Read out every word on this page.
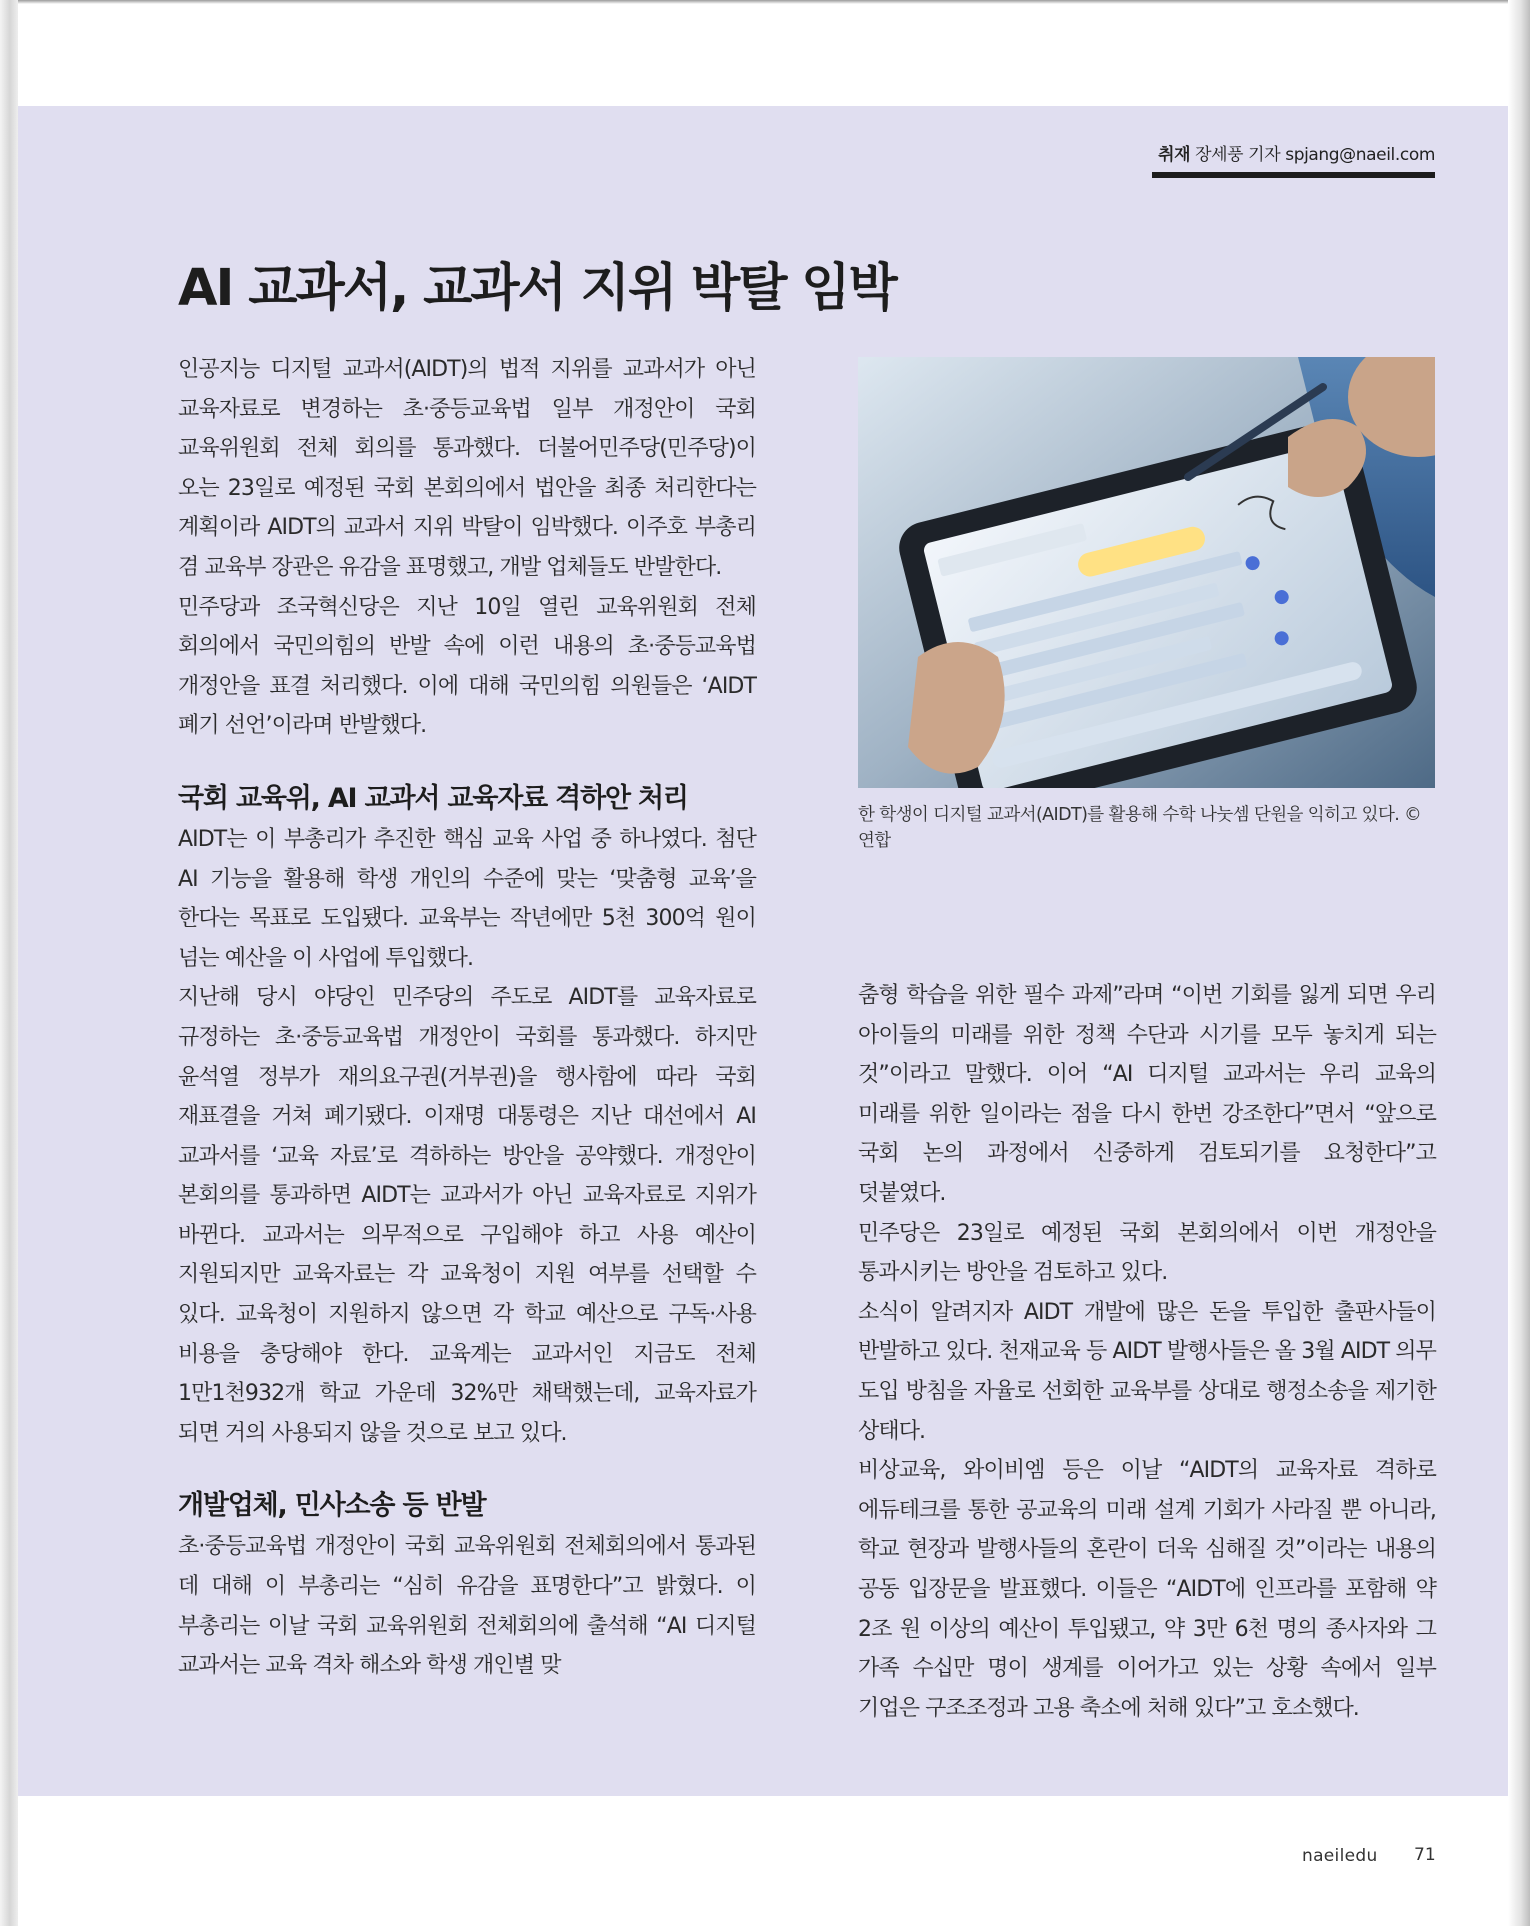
취재 장세풍 기자 spjang@naeil.com
AI 교과서, 교과서 지위 박탈 임박

인공지능 디지털 교과서(AIDT)의 법적 지위를 교과서가 아닌 교육자료로 변경하는 초·중등교육법 일부 개정안이 국회 교육위원회 전체 회의를 통과했다. 더불어민주당(민주당)이 오는 23일로 예정된 국회 본회의에서 법안을 최종 처리한다는 계획이라 AIDT의 교과서 지위 박탈이 임박했다. 이주호 부총리 겸 교육부 장관은 유감을 표명했고, 개발 업체들도 반발한다.

민주당과 조국혁신당은 지난 10일 열린 교육위원회 전체 회의에서 국민의힘의 반발 속에 이런 내용의 초·중등교육법 개정안을 표결 처리했다. 이에 대해 국민의힘 의원들은 ‘AIDT 폐기 선언’이라며 반발했다.

국회 교육위, AI 교과서 교육자료 격하안 처리

AIDT는 이 부총리가 추진한 핵심 교육 사업 중 하나였다. 첨단 AI 기능을 활용해 학생 개인의 수준에 맞는 ‘맞춤형 교육’을 한다는 목표로 도입됐다. 교육부는 작년에만 5천 300억 원이 넘는 예산을 이 사업에 투입했다.

지난해 당시 야당인 민주당의 주도로 AIDT를 교육자료로 규정하는 초·중등교육법 개정안이 국회를 통과했다. 하지만 윤석열 정부가 재의요구권(거부권)을 행사함에 따라 국회 재표결을 거쳐 폐기됐다. 이재명 대통령은 지난 대선에서 AI 교과서를 ‘교육 자료’로 격하하는 방안을 공약했다. 개정안이 본회의를 통과하면 AIDT는 교과서가 아닌 교육자료로 지위가 바뀐다. 교과서는 의무적으로 구입해야 하고 사용 예산이 지원되지만 교육자료는 각 교육청이 지원 여부를 선택할 수 있다. 교육청이 지원하지 않으면 각 학교 예산으로 구독·사용 비용을 충당해야 한다. 교육계는 교과서인 지금도 전체 1만1천932개 학교 가운데 32%만 채택했는데, 교육자료가 되면 거의 사용되지 않을 것으로 보고 있다.

개발업체, 민사소송 등 반발

초·중등교육법 개정안이 국회 교육위원회 전체회의에서 통과된 데 대해 이 부총리는 “심히 유감을 표명한다”고 밝혔다. 이 부총리는 이날 국회 교육위원회 전체회의에 출석해 “AI 디지털 교과서는 교육 격차 해소와 학생 개인별 맞

한 학생이 디지털 교과서(AIDT)를 활용해 수학 나눗셈 단원을 익히고 있다. ©연합

춤형 학습을 위한 필수 과제”라며 “이번 기회를 잃게 되면 우리 아이들의 미래를 위한 정책 수단과 시기를 모두 놓치게 되는 것”이라고 말했다. 이어 “AI 디지털 교과서는 우리 교육의 미래를 위한 일이라는 점을 다시 한번 강조한다”면서 “앞으로 국회 논의 과정에서 신중하게 검토되기를 요청한다”고 덧붙였다.

민주당은 23일로 예정된 국회 본회의에서 이번 개정안을 통과시키는 방안을 검토하고 있다.

소식이 알려지자 AIDT 개발에 많은 돈을 투입한 출판사들이 반발하고 있다. 천재교육 등 AIDT 발행사들은 올 3월 AIDT 의무 도입 방침을 자율로 선회한 교육부를 상대로 행정소송을 제기한 상태다.

비상교육, 와이비엠 등은 이날 “AIDT의 교육자료 격하로 에듀테크를 통한 공교육의 미래 설계 기회가 사라질 뿐 아니라, 학교 현장과 발행사들의 혼란이 더욱 심해질 것”이라는 내용의 공동 입장문을 발표했다. 이들은 “AIDT에 인프라를 포함해 약 2조 원 이상의 예산이 투입됐고, 약 3만 6천 명의 종사자와 그 가족 수십만 명이 생계를 이어가고 있는 상황 속에서 일부 기업은 구조조정과 고용 축소에 처해 있다”고 호소했다.

naeiledu 71
